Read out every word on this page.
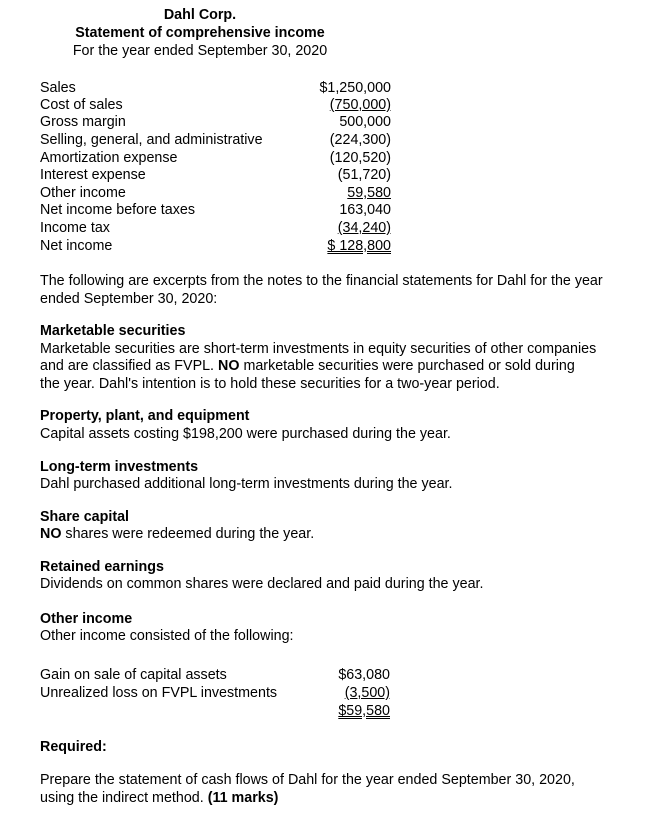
Dahl Corp.
Statement of comprehensive income
For the year ended September 30, 2020
Sales	$1,250,000
Cost of sales	(750,000)
Gross margin	500,000
Selling, general, and administrative	(224,300)
Amortization expense	(120,520)
Interest expense	(51,720)
Other income	59,580
Net income before taxes	163,040
Income tax	(34,240)
Net income	$ 128,800
The following are excerpts from the notes to the financial statements for Dahl for the year ended September 30, 2020:
Marketable securities
Marketable securities are short-term investments in equity securities of other companies
and are classified as FVPL. NO marketable securities were purchased or sold during
the year. Dahl's intention is to hold these securities for a two-year period.
Property, plant, and equipment
Capital assets costing $198,200 were purchased during the year.
Long-term investments
Dahl purchased additional long-term investments during the year.
Share capital
NO shares were redeemed during the year.
Retained earnings
Dividends on common shares were declared and paid during the year.
Other income
Other income consisted of the following:
Gain on sale of capital assets	$63,080
Unrealized loss on FVPL investments	(3,500)
$59,580
Required:
Prepare the statement of cash flows of Dahl for the year ended September 30, 2020,
using the indirect method. (11 marks)
